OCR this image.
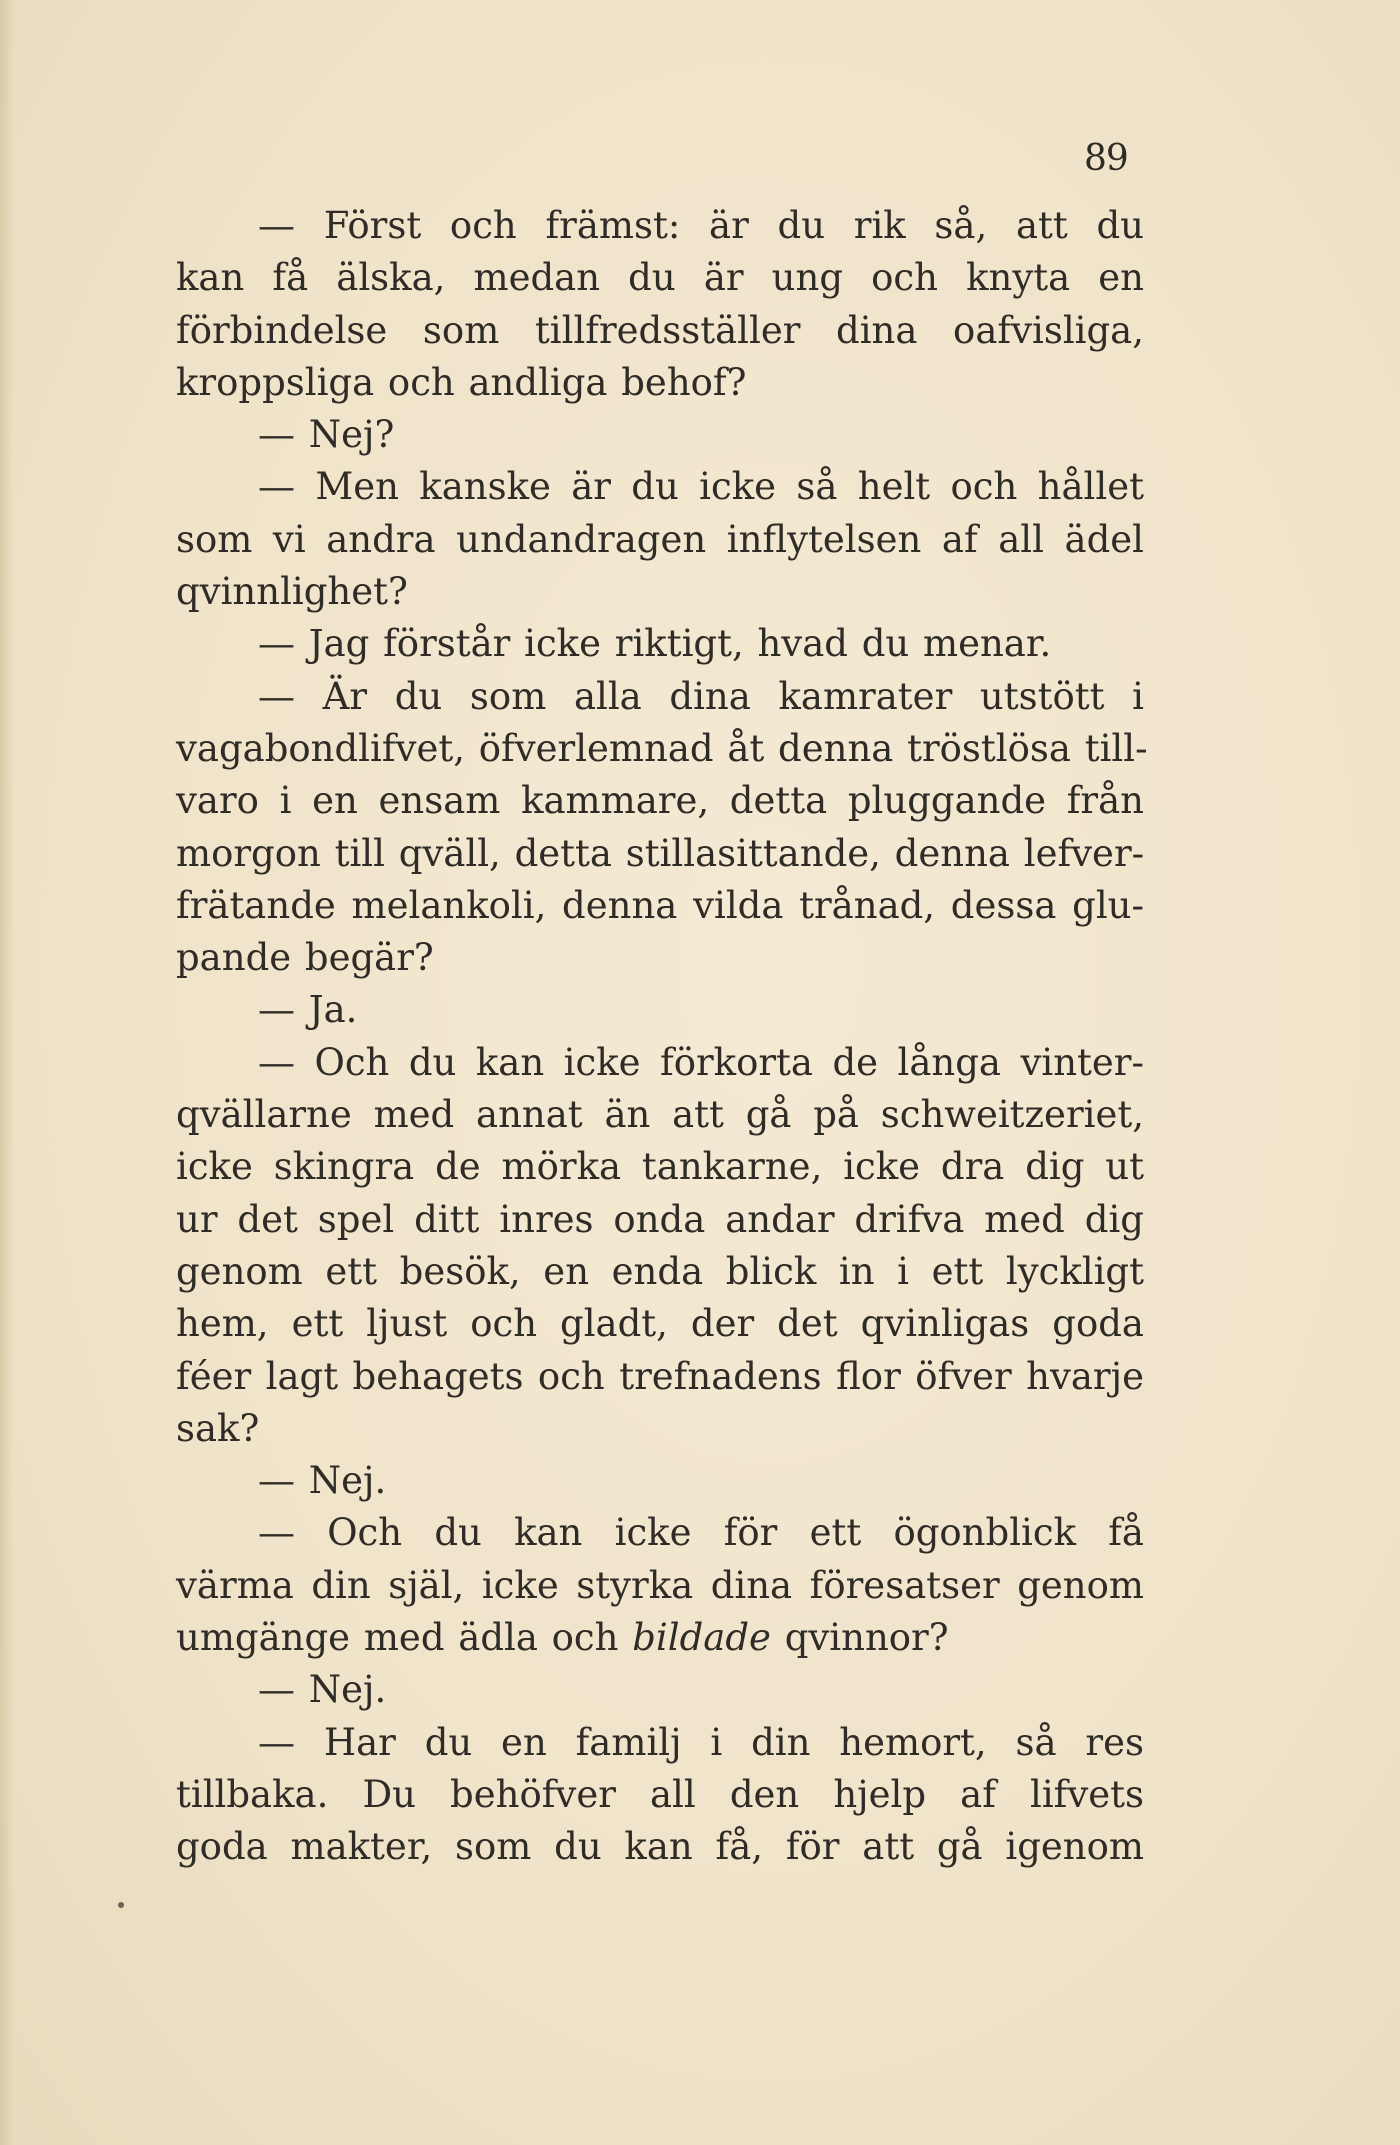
89
— Först och främst: är du rik så, att du
kan få älska, medan du är ung och knyta en
förbindelse som tillfredsställer dina oafvisliga,
kroppsliga och andliga behof?
— Nej?
— Men kanske är du icke så helt och hållet
som vi andra undandragen inflytelsen af all ädel
qvinnlighet?
— Jag förstår icke riktigt, hvad du menar.
— Är du som alla dina kamrater utstött i
vagabondlifvet, öfverlemnad åt denna tröstlösa till-
varo i en ensam kammare, detta pluggande från
morgon till qväll, detta stillasittande, denna lefver-
frätande melankoli, denna vilda trånad, dessa glu-
pande begär?
— Ja.
— Och du kan icke förkorta de långa vinter-
qvällarne med annat än att gå på schweitzeriet,
icke skingra de mörka tankarne, icke dra dig ut
ur det spel ditt inres onda andar drifva med dig
genom ett besök, en enda blick in i ett lyckligt
hem, ett ljust och gladt, der det qvinligas goda
féer lagt behagets och trefnadens flor öfver hvarje
sak?
— Nej.
— Och du kan icke för ett ögonblick få
värma din själ, icke styrka dina föresatser genom
umgänge med ädla och bildade qvinnor?
— Nej.
— Har du en familj i din hemort, så res
tillbaka. Du behöfver all den hjelp af lifvets
goda makter, som du kan få, för att gå igenom
